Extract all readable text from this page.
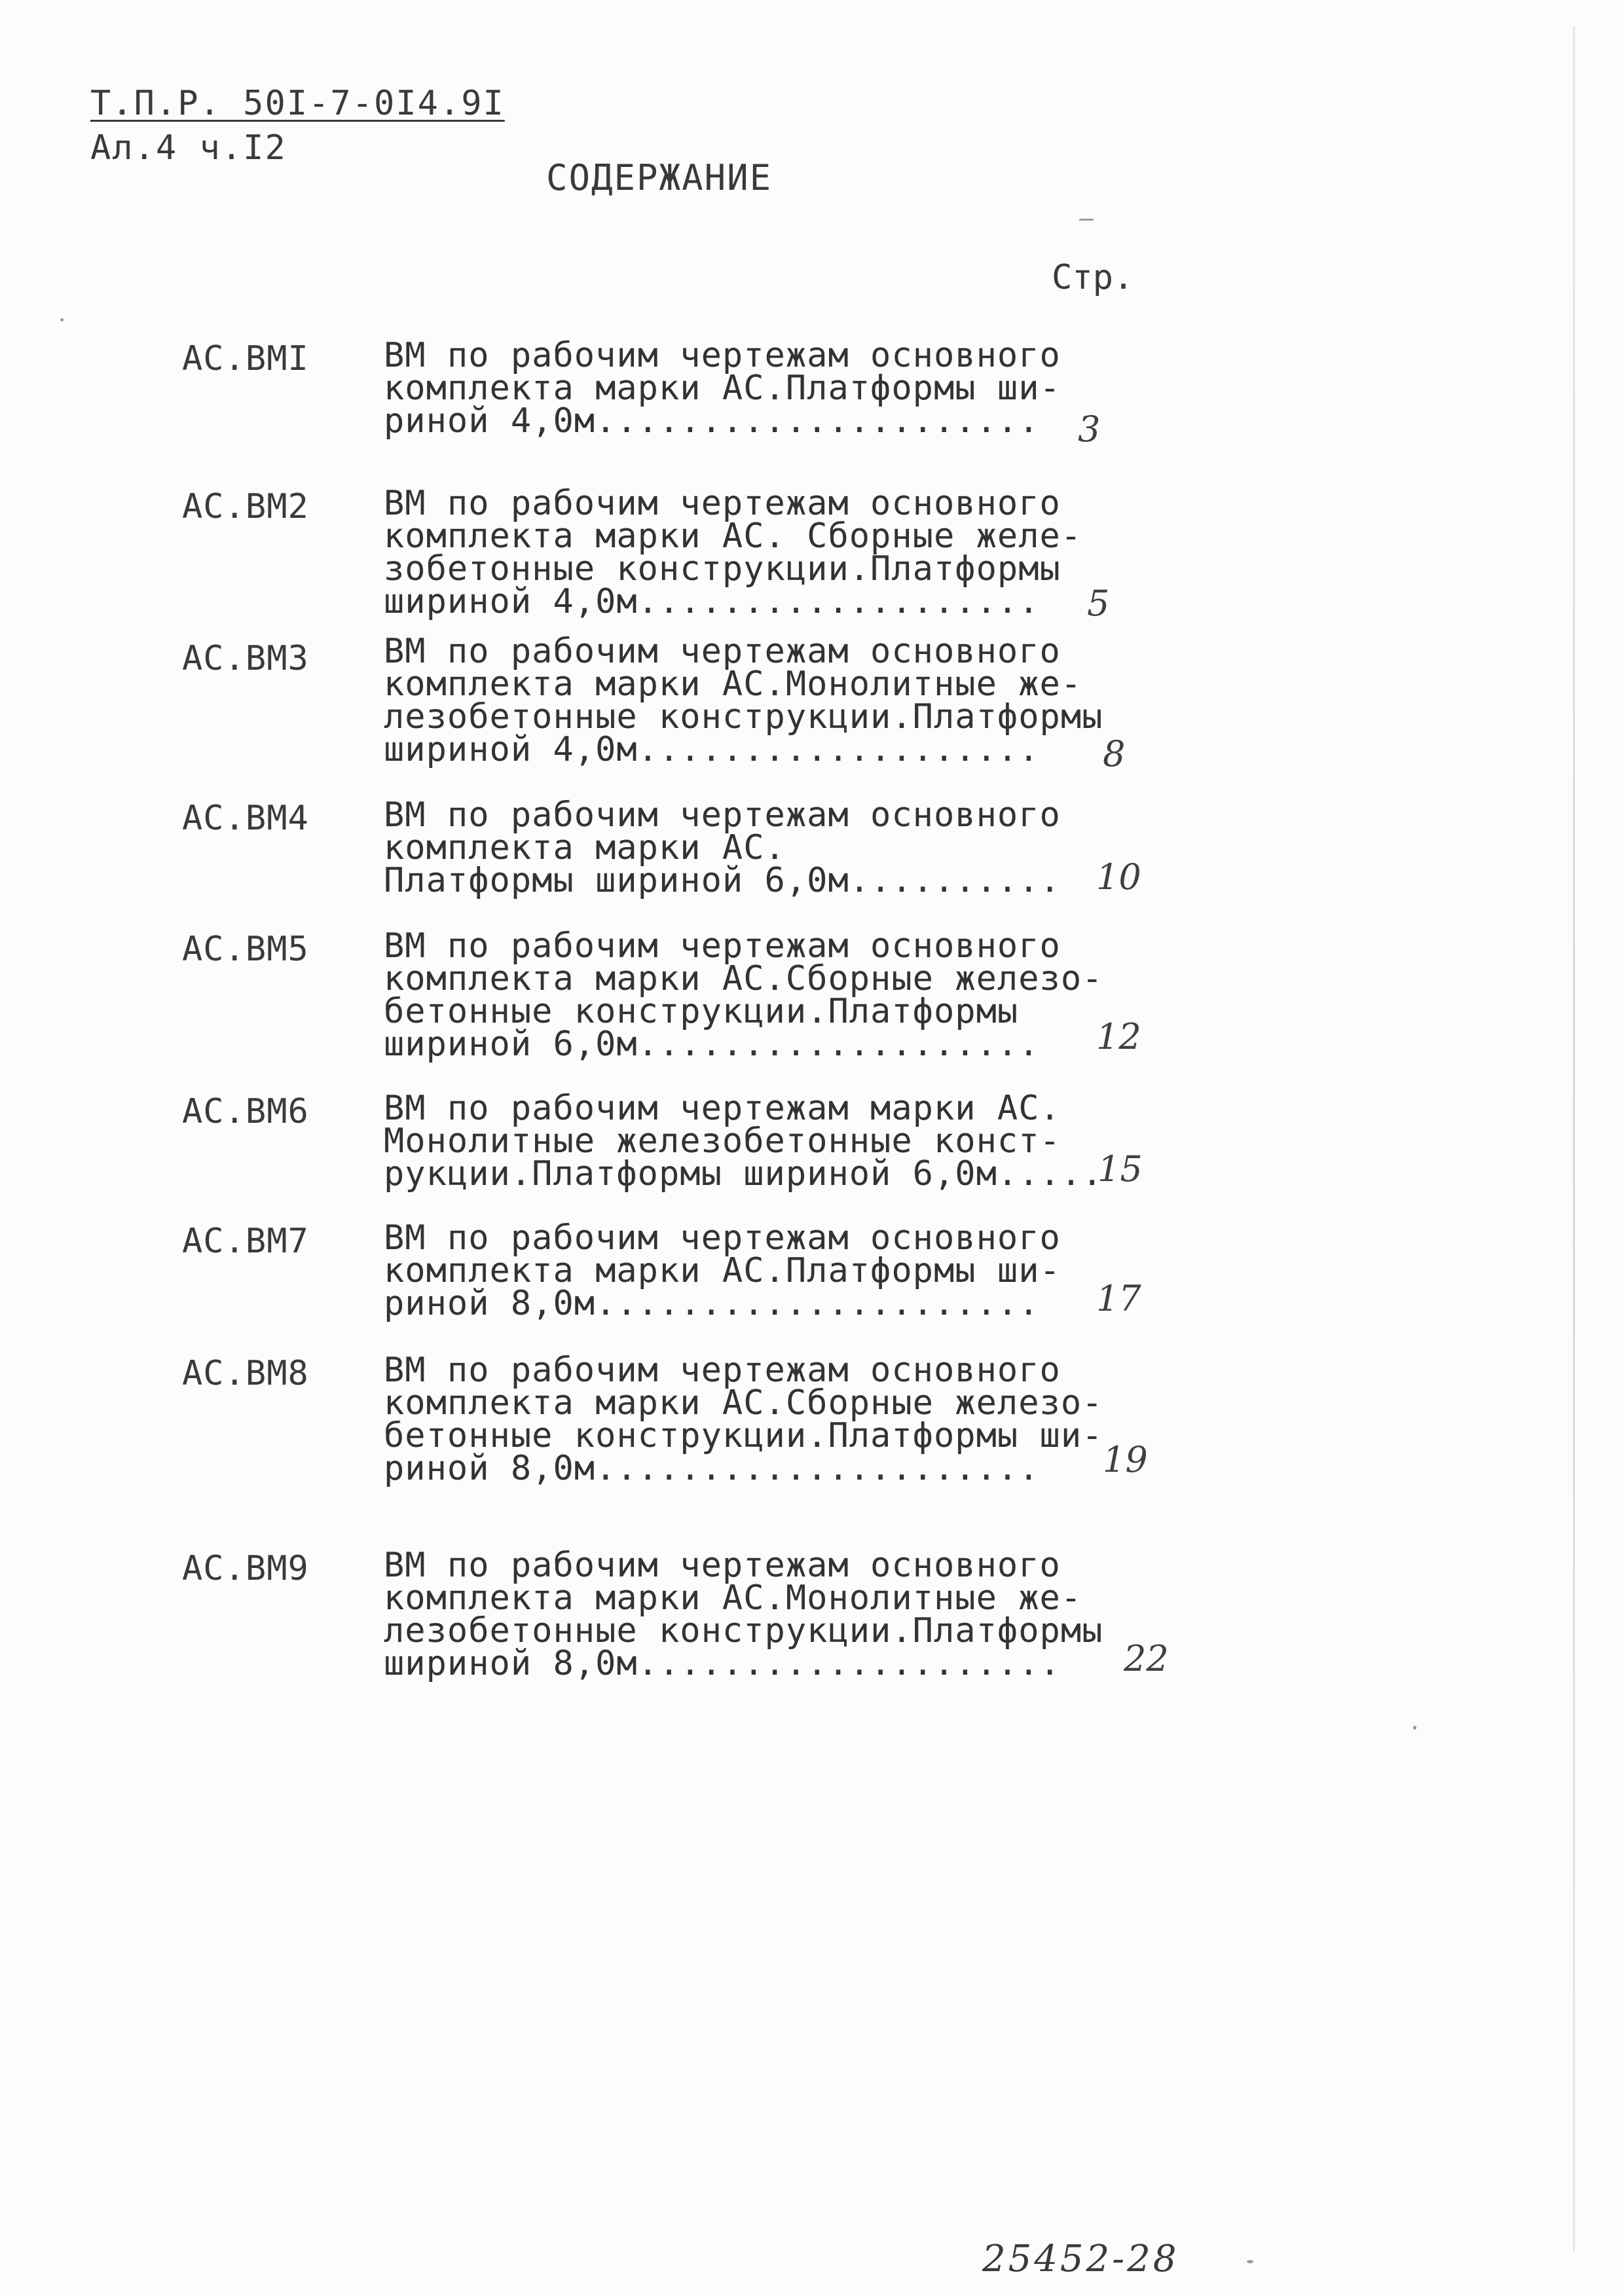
Т.П.Р. 50I-7-0I4.9I
Ал.4 ч.I2
СОДЕРЖАНИЕ
Стр.
АС.ВМI ВМ по рабочим чертежам основного
комплекта марки АС.Платформы ши-
риной 4,0м.....................	3
АС.ВМ2 ВМ по рабочим чертежам основного
комплекта марки АС. Сборные желе-
зобетонные конструкции.Платформы
шириной 4,0м...................	5
АС.ВМ3 ВМ по рабочим чертежам основного
комплекта марки АС.Монолитные же-
лезобетонные конструкции.Платформы
шириной 4,0м...................	8
АС.ВМ4 ВМ по рабочим чертежам основного
комплекта марки АС.
Платформы шириной 6,0м..........	10
АС.ВМ5 ВМ по рабочим чертежам основного
комплекта марки АС.Сборные железо-
бетонные конструкции.Платформы
шириной 6,0м...................	12
АС.ВМ6 ВМ по рабочим чертежам марки АС.
Монолитные железобетонные конст-
рукции.Платформы шириной 6,0м.....
15
АС.ВМ7 ВМ по рабочим чертежам основного
комплекта марки АС.Платформы ши-
риной 8,0м.....................	17
АС.ВМ8 ВМ по рабочим чертежам основного
комплекта марки АС.Сборные железо-
бетонные конструкции.Платформы ши-
риной 8,0м.....................	19
АС.ВМ9 ВМ по рабочим чертежам основного
комплекта марки АС.Монолитные же-
лезобетонные конструкции.Платформы
шириной 8,0м....................	22
25452-28
